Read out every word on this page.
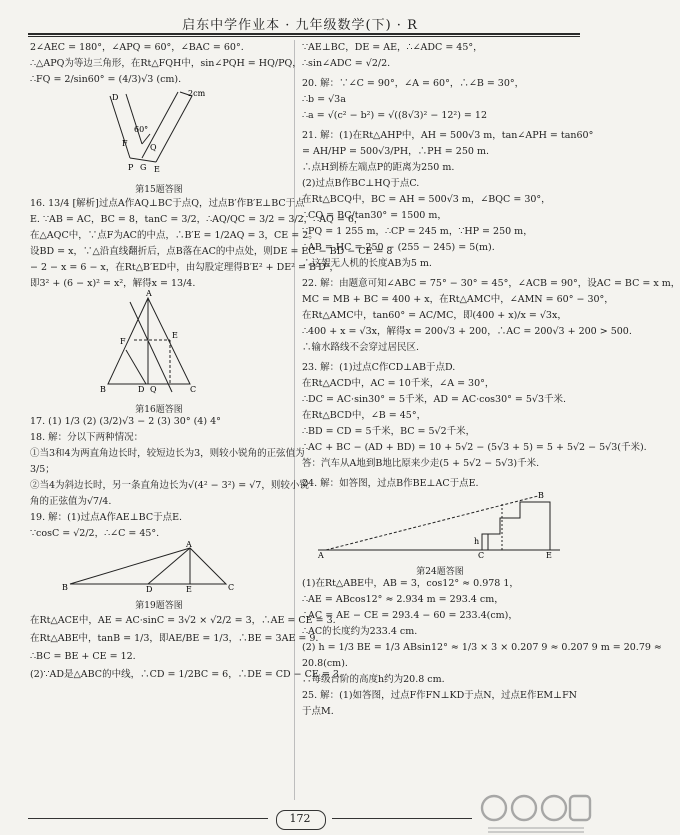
启东中学作业本 · 九年级数学(下) · R
2∠AEC = 180°，∠APQ = 60°，∠BAC = 60°.
∴△APQ为等边三角形，在Rt△FQH中，sin∠PQH = HQ/PQ，
∴FQ = 2/sin60° = (4/3)√3 (cm).
D	2cm
60°
F	Q
P G E
第15题答图
16. 13/4 [解析]过点A作AQ⊥BC于点Q，过点B′作B′E⊥BC于点
E. ∵AB = AC，BC = 8，tanC = 3/2，∴AQ/QC = 3/2 = 3/2，∴AQ = 6，
在△AQC中，∵点F为AC的中点，∴B′E = 1/2AQ = 3，CE = 2。
设BD = x，∵△沿直线翻折后，点B落在AC的中点处，则DE = EC − BD − CE = 8
− 2 − x = 6 − x，在Rt△B′ED中，由勾股定理得B′E² + DE² = B′D²，
即3² + (6 − x)² = x²，解得x = 13/4.
A
F
E
B	D Q	C
第16题答图
17. (1) 1/3 (2) (3/2)√3 − 2 (3) 30° (4) 4°
18. 解：分以下两种情况：
①当3和4为两直角边长时，较短边长为3，则较小锐角的正弦值为
3/5；
②当4为斜边长时，另一条直角边长为√(4² − 3²) = √7，则较小锐
角的正弦值为√7/4.
19. 解：(1)过点A作AE⊥BC于点E.
∵cosC = √2/2，∴∠C = 45°.
A
B	E
D	C
第19题答图
在Rt△ACE中，AE = AC·sinC = 3√2 × √2/2 = 3，∴AE = CE = 3.
在Rt△ABE中，tanB = 1/3，即AE/BE = 1/3，∴BE = 3AE = 9.
∴BC = BE + CE = 12.
(2)∵AD是△ABC的中线，∴CD = 1/2BC = 6，∴DE = CD − CE = 3.
∵AE⊥BC，DE = AE，∴∠ADC = 45°，
∴sin∠ADC = √2/2.
20. 解：∵∠C = 90°，∠A = 60°，∴∠B = 30°，
∴b = √3a
∴a = √(c² − b²) = √((8√3)² − 12²) = 12
21. 解：(1)在Rt△AHP中，AH = 500√3 m，tan∠APH = tan60°
= AH/HP = 500√3/PH，∴PH = 250 m.
∴点H到桥左端点P的距离为250 m.
(2)过点B作BC⊥HQ于点C.
在Rt△BCQ中，BC = AH = 500√3 m，∠BQC = 30°，
∴CQ = BC/tan30° = 1500 m，
∵PQ = 1 255 m，∴CP = 245 m，∵HP = 250 m，
∴AB = HC = 250 − (255 − 245) = 5(m).
∴这架无人机的长度AB为5 m.
22. 解：由题意可知∠ABC = 75° − 30° = 45°，∠ACB = 90°，设AC = BC = x m，
MC = MB + BC = 400 + x，在Rt△AMC中，∠AMN = 60° − 30°，
在Rt△AMC中，tan60° = AC/MC，即(400 + x)/x = √3x，
∴400 + x = √3x，解得x = 200√3 + 200，∴AC = 200√3 + 200 > 500.
∴输水路线不会穿过居民区.
23. 解：(1)过点C作CD⊥AB于点D.
在Rt△ACD中，AC = 10千米，∠A = 30°，
∴DC = AC·sin30° = 5千米，AD = AC·cos30° = 5√3千米.
在Rt△BCD中，∠B = 45°，
∴BD = CD = 5千米，BC = 5√2千米，
∴AC + BC − (AD + BD) = 10 + 5√2 − (5√3 + 5) = 5 + 5√2 − 5√3(千米).
答：汽车从A地到B地比原来少走(5 + 5√2 − 5√3)千米.
24. 解：如答图，过点B作BE⊥AC于点E.
B
h
A	C	E
第24题答图
(1)在Rt△ABE中，AB = 3，cos12° ≈ 0.978 1，
∴AE = ABcos12° ≈ 2.934 m = 293.4 cm，
∴AC = AE − CE = 293.4 − 60 = 233.4(cm)，
∴AC的长度约为233.4 cm.
(2) h = 1/3 BE = 1/3 ABsin12° ≈ 1/3 × 3 × 0.207 9 ≈ 0.207 9 m = 20.79 ≈
20.8(cm).
∴每级台阶的高度h约为20.8 cm.
25. 解：(1)如答图，过点F作FN⊥KD于点N，过点E作EM⊥FN
于点M.
172
